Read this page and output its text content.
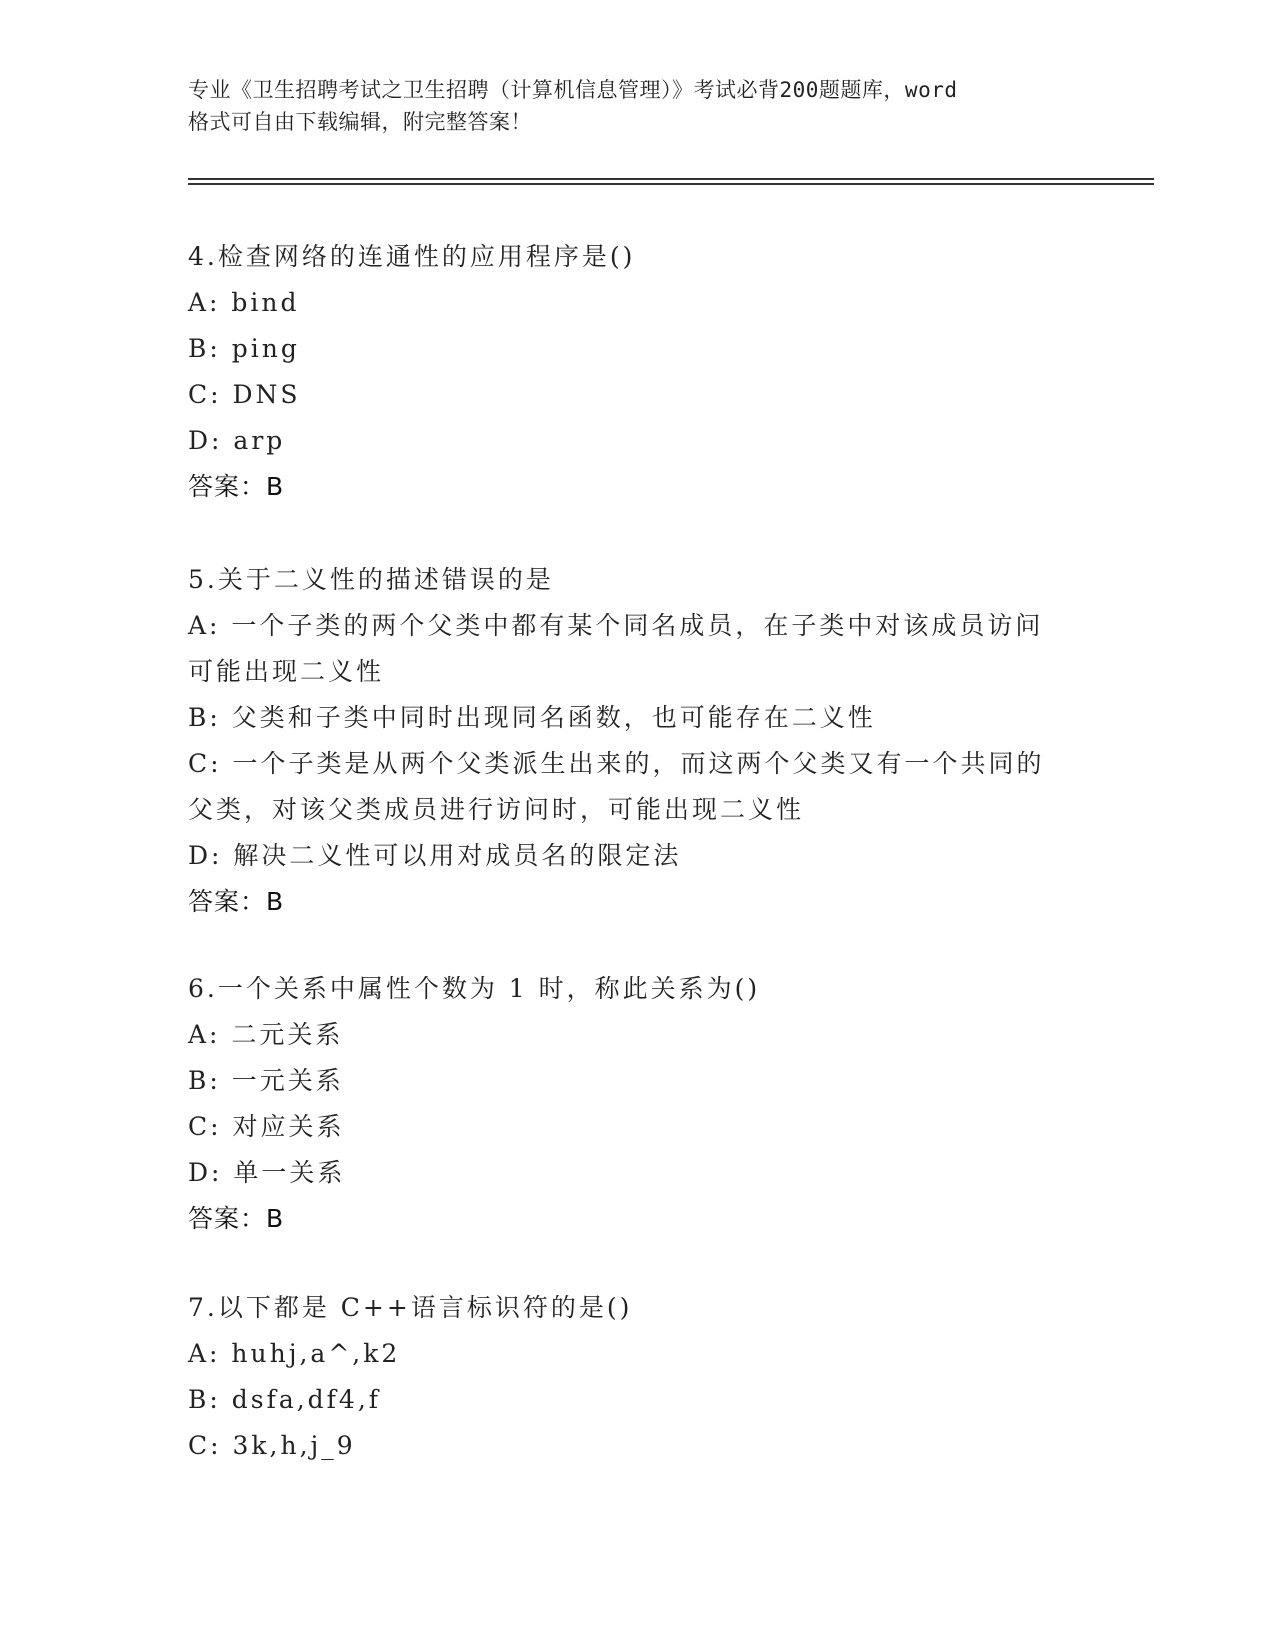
专业《卫生招聘考试之卫生招聘（计算机信息管理）》考试必背200题题库，word
格式可自由下载编辑，附完整答案！
4.检查网络的连通性的应用程序是()
A: bind
B: ping
C: DNS
D: arp
答案：B
5.关于二义性的描述错误的是
A: 一个子类的两个父类中都有某个同名成员，在子类中对该成员访问可能出现二义性
B: 父类和子类中同时出现同名函数，也可能存在二义性
C: 一个子类是从两个父类派生出来的，而这两个父类又有一个共同的父类，对该父类成员进行访问时，可能出现二义性
D: 解决二义性可以用对成员名的限定法
答案：B
6.一个关系中属性个数为 1 时，称此关系为()
A: 二元关系
B: 一元关系
C: 对应关系
D: 单一关系
答案：B
7.以下都是 C++语言标识符的是()
A: huhj,a^,k2
B: dsfa,df4,f
C: 3k,h,j_9
